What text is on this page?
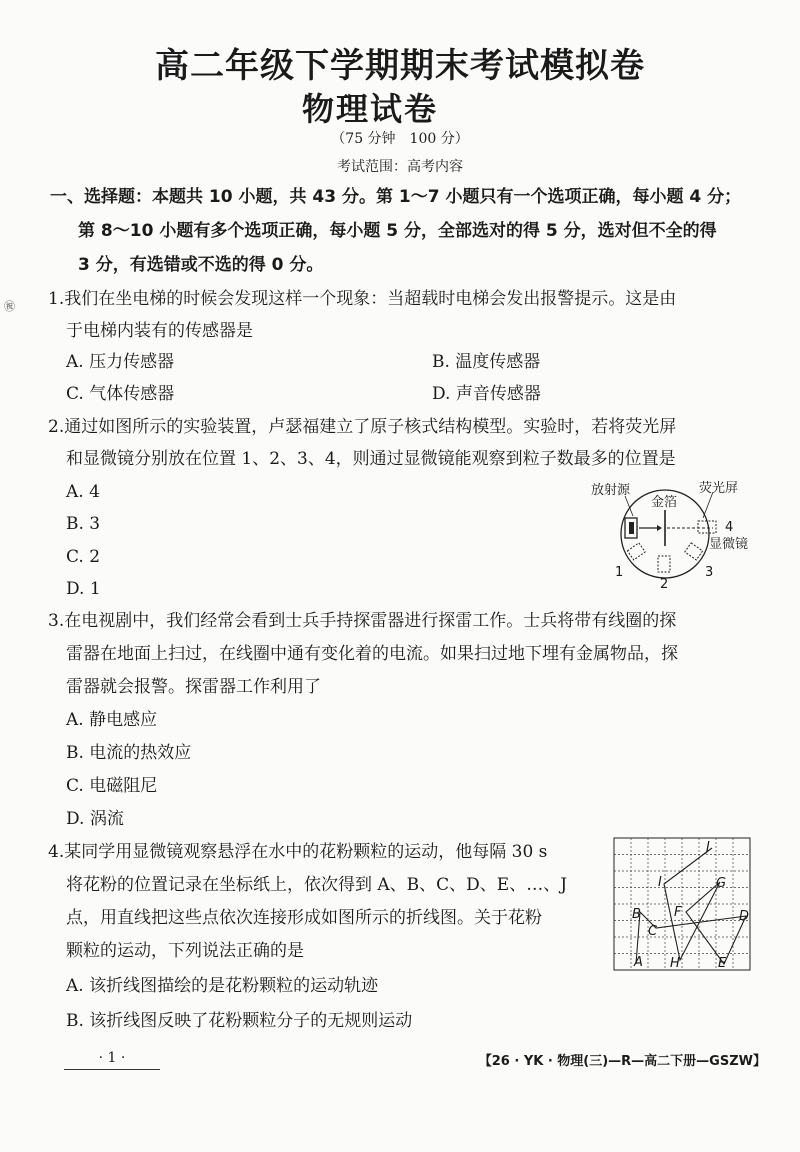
高二年级下学期期末考试模拟卷
物理试卷
（75 分钟　100 分）
考试范围：高考内容
㊗
一、选择题：本题共 10 小题，共 43 分。第 1～7 小题只有一个选项正确，每小题 4 分；
第 8～10 小题有多个选项正确，每小题 5 分，全部选对的得 5 分，选对但不全的得
3 分，有选错或不选的得 0 分。
1.我们在坐电梯的时候会发现这样一个现象：当超载时电梯会发出报警提示。这是由
于电梯内装有的传感器是
A. 压力传感器	B. 温度传感器
C. 气体传感器	D. 声音传感器
2.通过如图所示的实验装置，卢瑟福建立了原子核式结构模型。实验时，若将荧光屏
和显微镜分别放在位置 1、2、3、4，则通过显微镜能观察到粒子数最多的位置是
A. 4
B. 3
C. 2
D. 1
放射源
金箔
荧光屏
4
显微镜
1
2
3
3.在电视剧中，我们经常会看到士兵手持探雷器进行探雷工作。士兵将带有线圈的探
雷器在地面上扫过，在线圈中通有变化着的电流。如果扫过地下埋有金属物品，探
雷器就会报警。探雷器工作利用了
A. 静电感应
B. 电流的热效应
C. 电磁阻尼
D. 涡流
4.某同学用显微镜观察悬浮在水中的花粉颗粒的运动，他每隔 30 s
将花粉的位置记录在坐标纸上，依次得到 A、B、C、D、E、…、J
点，用直线把这些点依次连接形成如图所示的折线图。关于花粉
颗粒的运动，下列说法正确的是
A. 该折线图描绘的是花粉颗粒的运动轨迹
B. 该折线图反映了花粉颗粒分子的无规则运动
A
B
C
D
E
F
G
H
I
J
· 1 ·	【26 · YK · 物理(三)—R—高二下册—GSZW】
